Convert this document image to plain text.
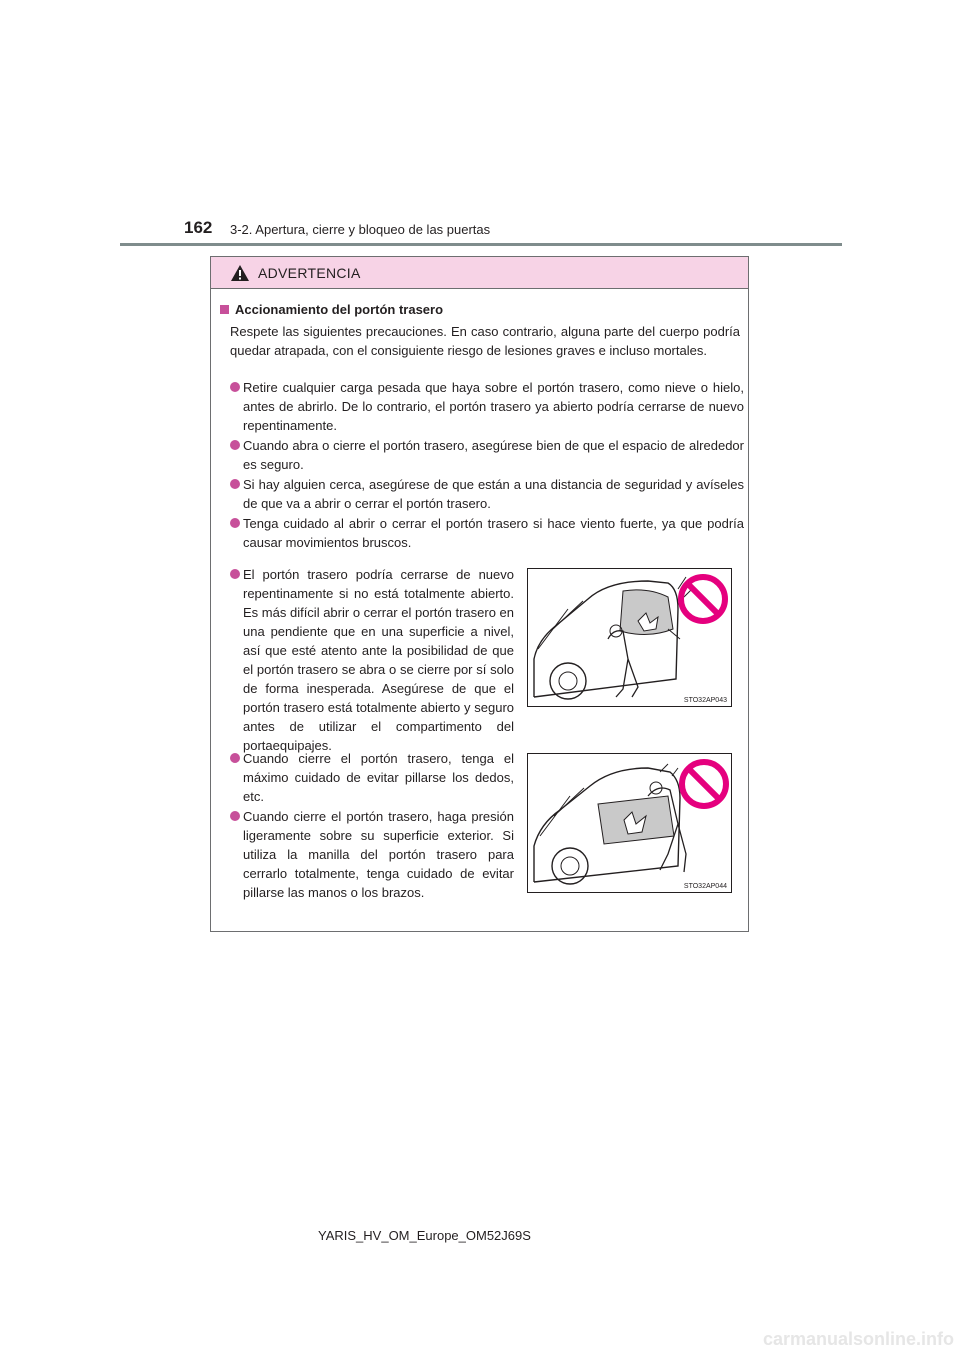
162 3-2. Apertura, cierre y bloqueo de las puertas
ADVERTENCIA
Accionamiento del portón trasero
Respete las siguientes precauciones. En caso contrario, alguna parte del cuerpo podría quedar atrapada, con el consiguiente riesgo de lesiones graves e incluso mortales.
Retire cualquier carga pesada que haya sobre el portón trasero, como nieve o hielo, antes de abrirlo. De lo contrario, el portón trasero ya abierto podría cerrarse de nuevo repentinamente.
Cuando abra o cierre el portón trasero, asegúrese bien de que el espacio de alrededor es seguro.
Si hay alguien cerca, asegúrese de que están a una distancia de seguridad y avíseles de que va a abrir o cerrar el portón trasero.
Tenga cuidado al abrir o cerrar el portón trasero si hace viento fuerte, ya que podría causar movimientos bruscos.
El portón trasero podría cerrarse de nuevo repentinamente si no está totalmente abierto. Es más difícil abrir o cerrar el portón trasero en una pendiente que en una superficie a nivel, así que esté atento ante la posibilidad de que el portón trasero se abra o se cierre por sí solo de forma inesperada. Asegúrese de que el portón trasero está totalmente abierto y seguro antes de utilizar el compartimento del portaequipajes.
Cuando cierre el portón trasero, tenga el máximo cuidado de evitar pillarse los dedos, etc.
Cuando cierre el portón trasero, haga presión ligeramente sobre su superficie exterior. Si utiliza la manilla del portón trasero para cerrarlo totalmente, tenga cuidado de evitar pillarse las manos o los brazos.
STO32AP043
STO32AP044
YARIS_HV_OM_Europe_OM52J69S
carmanualsonline.info
